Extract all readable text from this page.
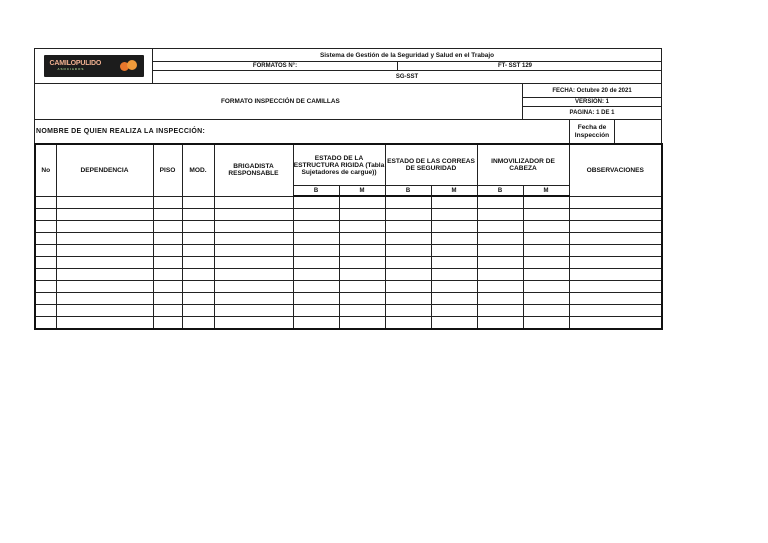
CAMILOPULIDO
ASOCIADOS	Sistema de Gestión de la Seguridad y Salud en el Trabajo	
	FORMATOS N°:	FT- SST 129
	SG-SST	
FORMATO INSPECCIÓN DE CAMILLAS	FECHA: Octubre 20 de 2021
VERSIÓN: 1
PAGINA: 1 DE 1
NOMBRE DE QUIEN REALIZA LA INSPECCIÓN:	Fecha de Inspección	
No	DEPENDENCIA	PISO	MOD.	BRIGADISTA RESPONSABLE	ESTADO DE LA ESTRUCTURA RIGIDA (Tabla Sujetadores de cargue))		ESTADO DE LAS CORREAS DE SEGURIDAD		INMOVILIZADOR DE CABEZA		OBSERVACIONES
					B	M	B	M	B	M	
